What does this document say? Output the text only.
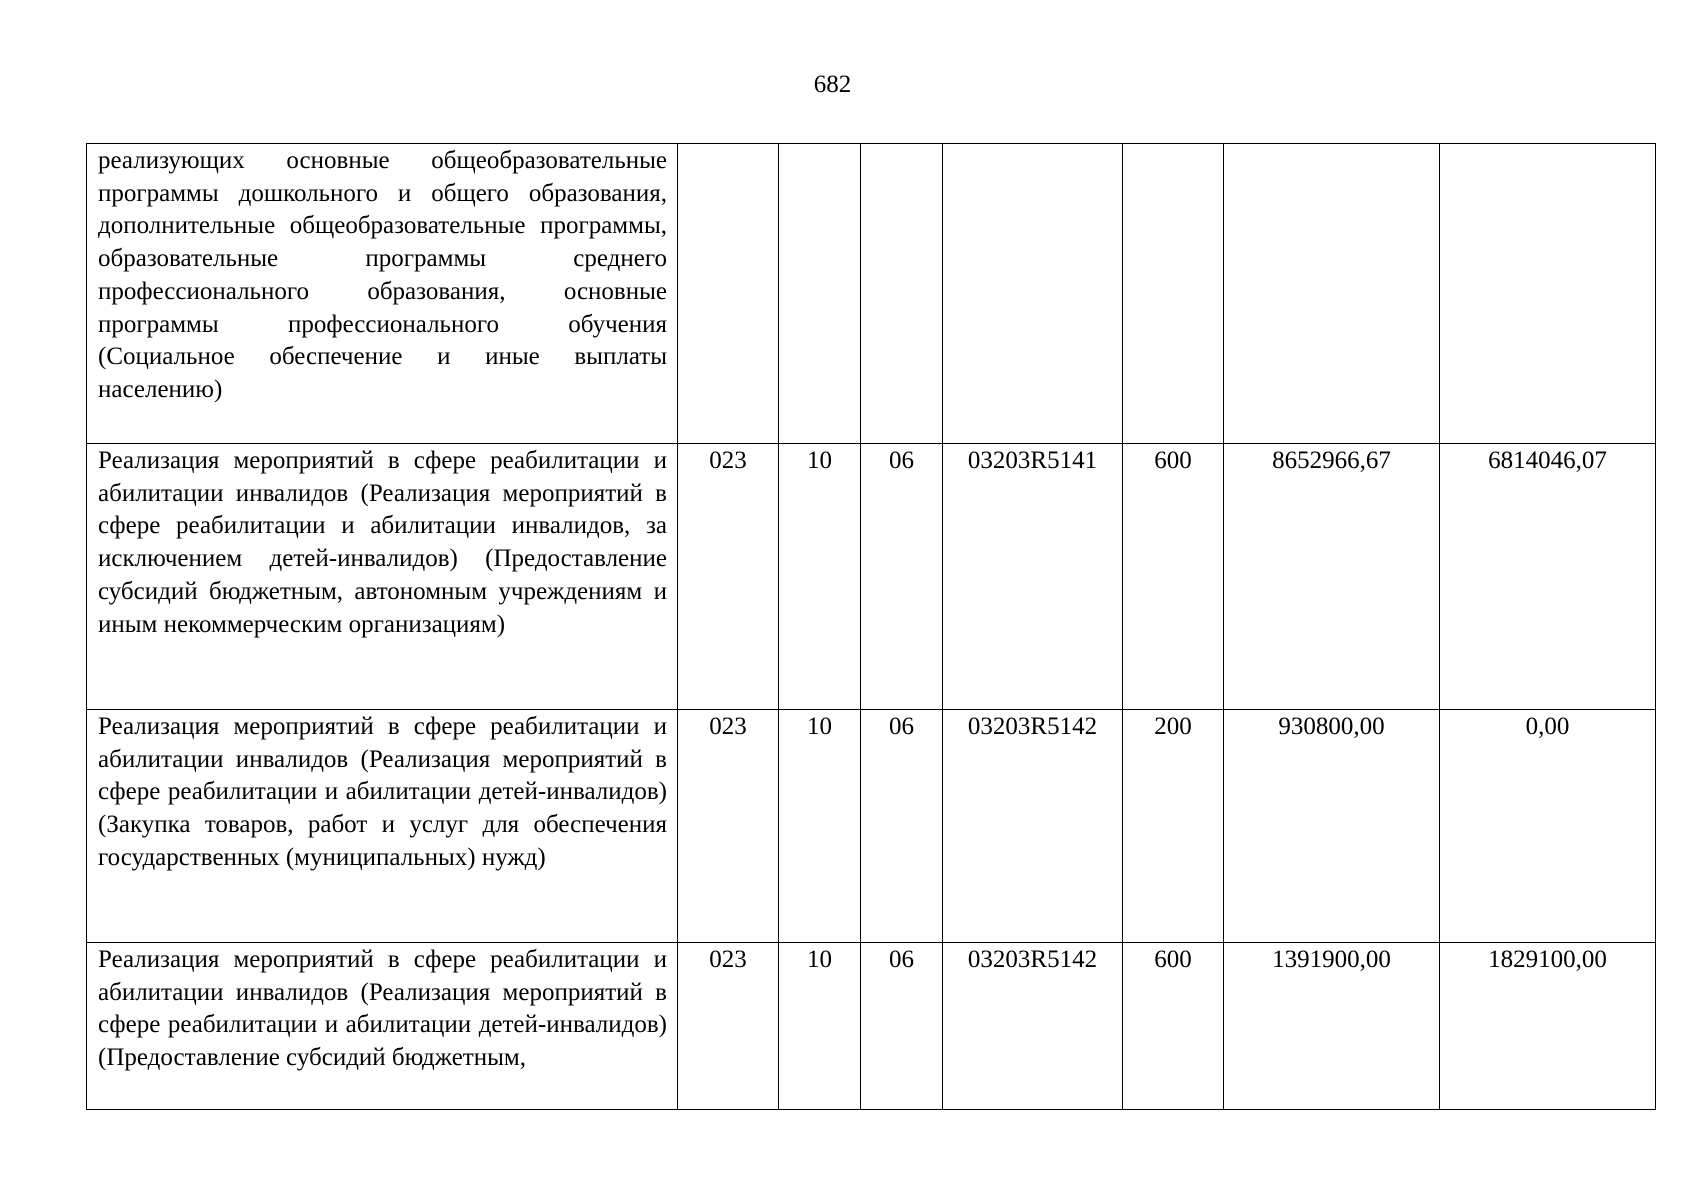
682
реализующих основные общеобразовательные программы дошкольного и общего образования, дополнительные общеобразовательные программы, образовательные программы среднего профессионального образования, основные программы профессионального обучения (Социальное обеспечение и иные выплаты населению)							
Реализация мероприятий в сфере реабилитации и абилитации инвалидов (Реализация мероприятий в сфере реабилитации и абилитации инвалидов, за исключением детей-инвалидов) (Предоставление субсидий бюджетным, автономным учреждениям и иным некоммерческим организациям)	023	10	06	03203R5141	600	8652966,67	6814046,07
Реализация мероприятий в сфере реабилитации и абилитации инвалидов (Реализация мероприятий в сфере реабилитации и абилитации детей-инвалидов) (Закупка товаров, работ и услуг для обеспечения государственных (муниципальных) нужд)	023	10	06	03203R5142	200	930800,00	0,00
Реализация мероприятий в сфере реабилитации и абилитации инвалидов (Реализация мероприятий в сфере реабилитации и абилитации детей-инвалидов) (Предоставление субсидий бюджетным,	023	10	06	03203R5142	600	1391900,00	1829100,00
